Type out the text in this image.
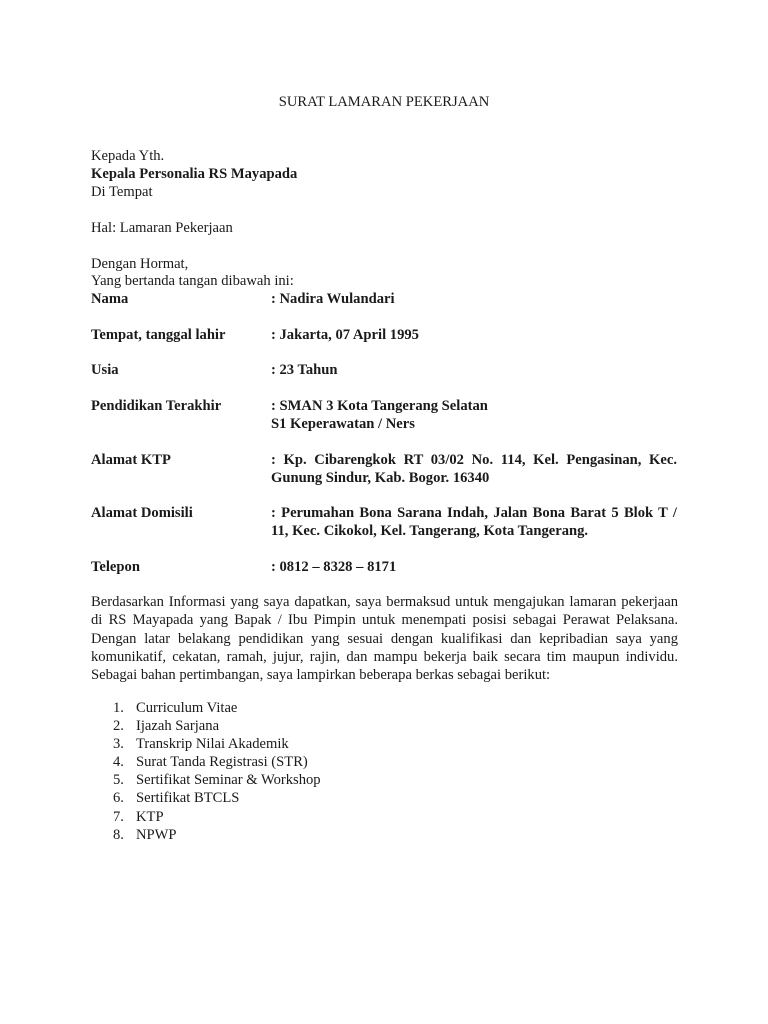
SURAT LAMARAN PEKERJAAN
Kepada Yth.
Kepala Personalia RS Mayapada
Di Tempat
Hal: Lamaran Pekerjaan
Dengan Hormat,
Yang bertanda tangan dibawah ini:
Nama	: Nadira Wulandari
Tempat, tanggal lahir	: Jakarta, 07 April 1995
Usia	: 23 Tahun
Pendidikan Terakhir	: SMAN 3 Kota Tangerang Selatan
S1 Keperawatan / Ners
Alamat KTP	: Kp. Cibarengkok RT 03/02 No. 114, Kel. Pengasinan, Kec. Gunung Sindur, Kab. Bogor. 16340
Alamat Domisili	: Perumahan Bona Sarana Indah, Jalan Bona Barat 5 Blok T / 11, Kec. Cikokol, Kel. Tangerang, Kota Tangerang.
Telepon	: 0812 – 8328 – 8171
Berdasarkan Informasi yang saya dapatkan, saya bermaksud untuk mengajukan lamaran pekerjaan di RS Mayapada yang Bapak / Ibu Pimpin untuk menempati posisi sebagai Perawat Pelaksana. Dengan latar belakang pendidikan yang sesuai dengan kualifikasi dan kepribadian saya yang komunikatif, cekatan, ramah, jujur, rajin, dan mampu bekerja baik secara tim maupun individu. Sebagai bahan pertimbangan, saya lampirkan beberapa berkas sebagai berikut:
1. Curriculum Vitae
2. Ijazah Sarjana
3. Transkrip Nilai Akademik
4. Surat Tanda Registrasi (STR)
5. Sertifikat Seminar & Workshop
6. Sertifikat BTCLS
7. KTP
8. NPWP
